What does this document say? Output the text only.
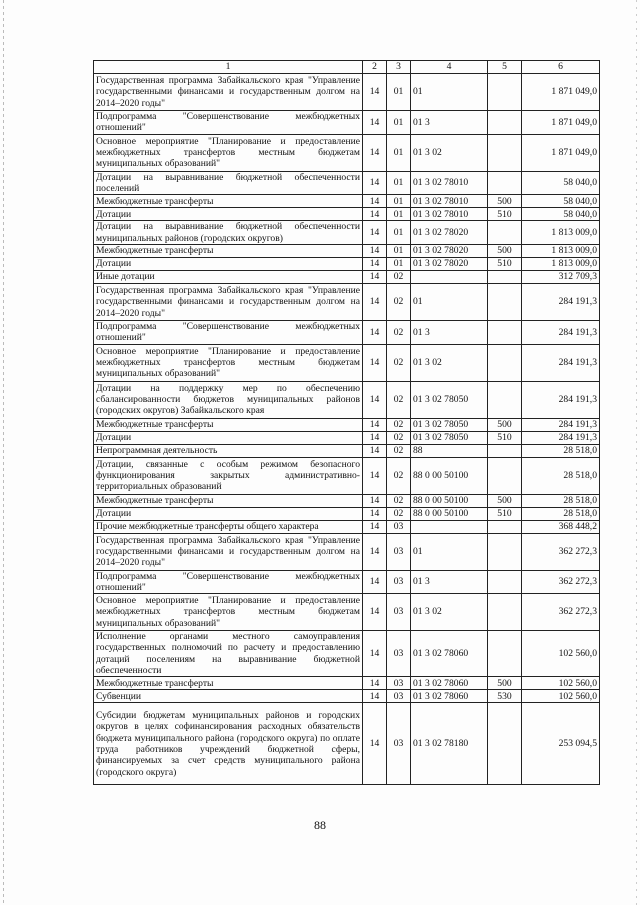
1	2	3	4	5	6
Государственная программа Забайкальского края "Управление государственными финансами и государственным долгом на 2014–2020 годы"	14	01	01		1 871 049,0
Подпрограмма "Совершенствование межбюджетных отношений"	14	01	01 3		1 871 049,0
Основное мероприятие "Планирование и предоставление межбюджетных трансфертов местным бюджетам муниципальных образований"	14	01	01 3 02		1 871 049,0
Дотации на выравнивание бюджетной обеспеченности поселений	14	01	01 3 02 78010		58 040,0
Межбюджетные трансферты	14	01	01 3 02 78010	500	58 040,0
Дотации	14	01	01 3 02 78010	510	58 040,0
Дотации на выравнивание бюджетной обеспеченности муниципальных районов (городских округов)	14	01	01 3 02 78020		1 813 009,0
Межбюджетные трансферты	14	01	01 3 02 78020	500	1 813 009,0
Дотации	14	01	01 3 02 78020	510	1 813 009,0
Иные дотации	14	02			312 709,3
Государственная программа Забайкальского края "Управление государственными финансами и государственным долгом на 2014–2020 годы"	14	02	01		284 191,3
Подпрограмма "Совершенствование межбюджетных отношений"	14	02	01 3		284 191,3
Основное мероприятие "Планирование и предоставление межбюджетных трансфертов местным бюджетам муниципальных образований"	14	02	01 3 02		284 191,3
Дотации на поддержку мер по обеспечению сбалансированности бюджетов муниципальных районов (городских округов) Забайкальского края	14	02	01 3 02 78050		284 191,3
Межбюджетные трансферты	14	02	01 3 02 78050	500	284 191,3
Дотации	14	02	01 3 02 78050	510	284 191,3
Непрограммная деятельность	14	02	88		28 518,0
Дотации, связанные с особым режимом безопасного функционирования закрытых административно-территориальных образований	14	02	88 0 00 50100		28 518,0
Межбюджетные трансферты	14	02	88 0 00 50100	500	28 518,0
Дотации	14	02	88 0 00 50100	510	28 518,0
Прочие межбюджетные трансферты общего характера	14	03			368 448,2
Государственная программа Забайкальского края "Управление государственными финансами и государственным долгом на 2014–2020 годы"	14	03	01		362 272,3
Подпрограмма "Совершенствование межбюджетных отношений"	14	03	01 3		362 272,3
Основное мероприятие "Планирование и предоставление межбюджетных трансфертов местным бюджетам муниципальных образований"	14	03	01 3 02		362 272,3
Исполнение органами местного самоуправления государственных полномочий по расчету и предоставлению дотаций поселениям на выравнивание бюджетной обеспеченности	14	03	01 3 02 78060		102 560,0
Межбюджетные трансферты	14	03	01 3 02 78060	500	102 560,0
Субвенции	14	03	01 3 02 78060	530	102 560,0
Субсидии бюджетам муниципальных районов и городских округов в целях софинансирования расходных обязательств бюджета муниципального района (городского округа) по оплате труда работников учреждений бюджетной сферы, финансируемых за счет средств муниципального района (городского округа)	14	03	01 3 02 78180		253 094,5
88
